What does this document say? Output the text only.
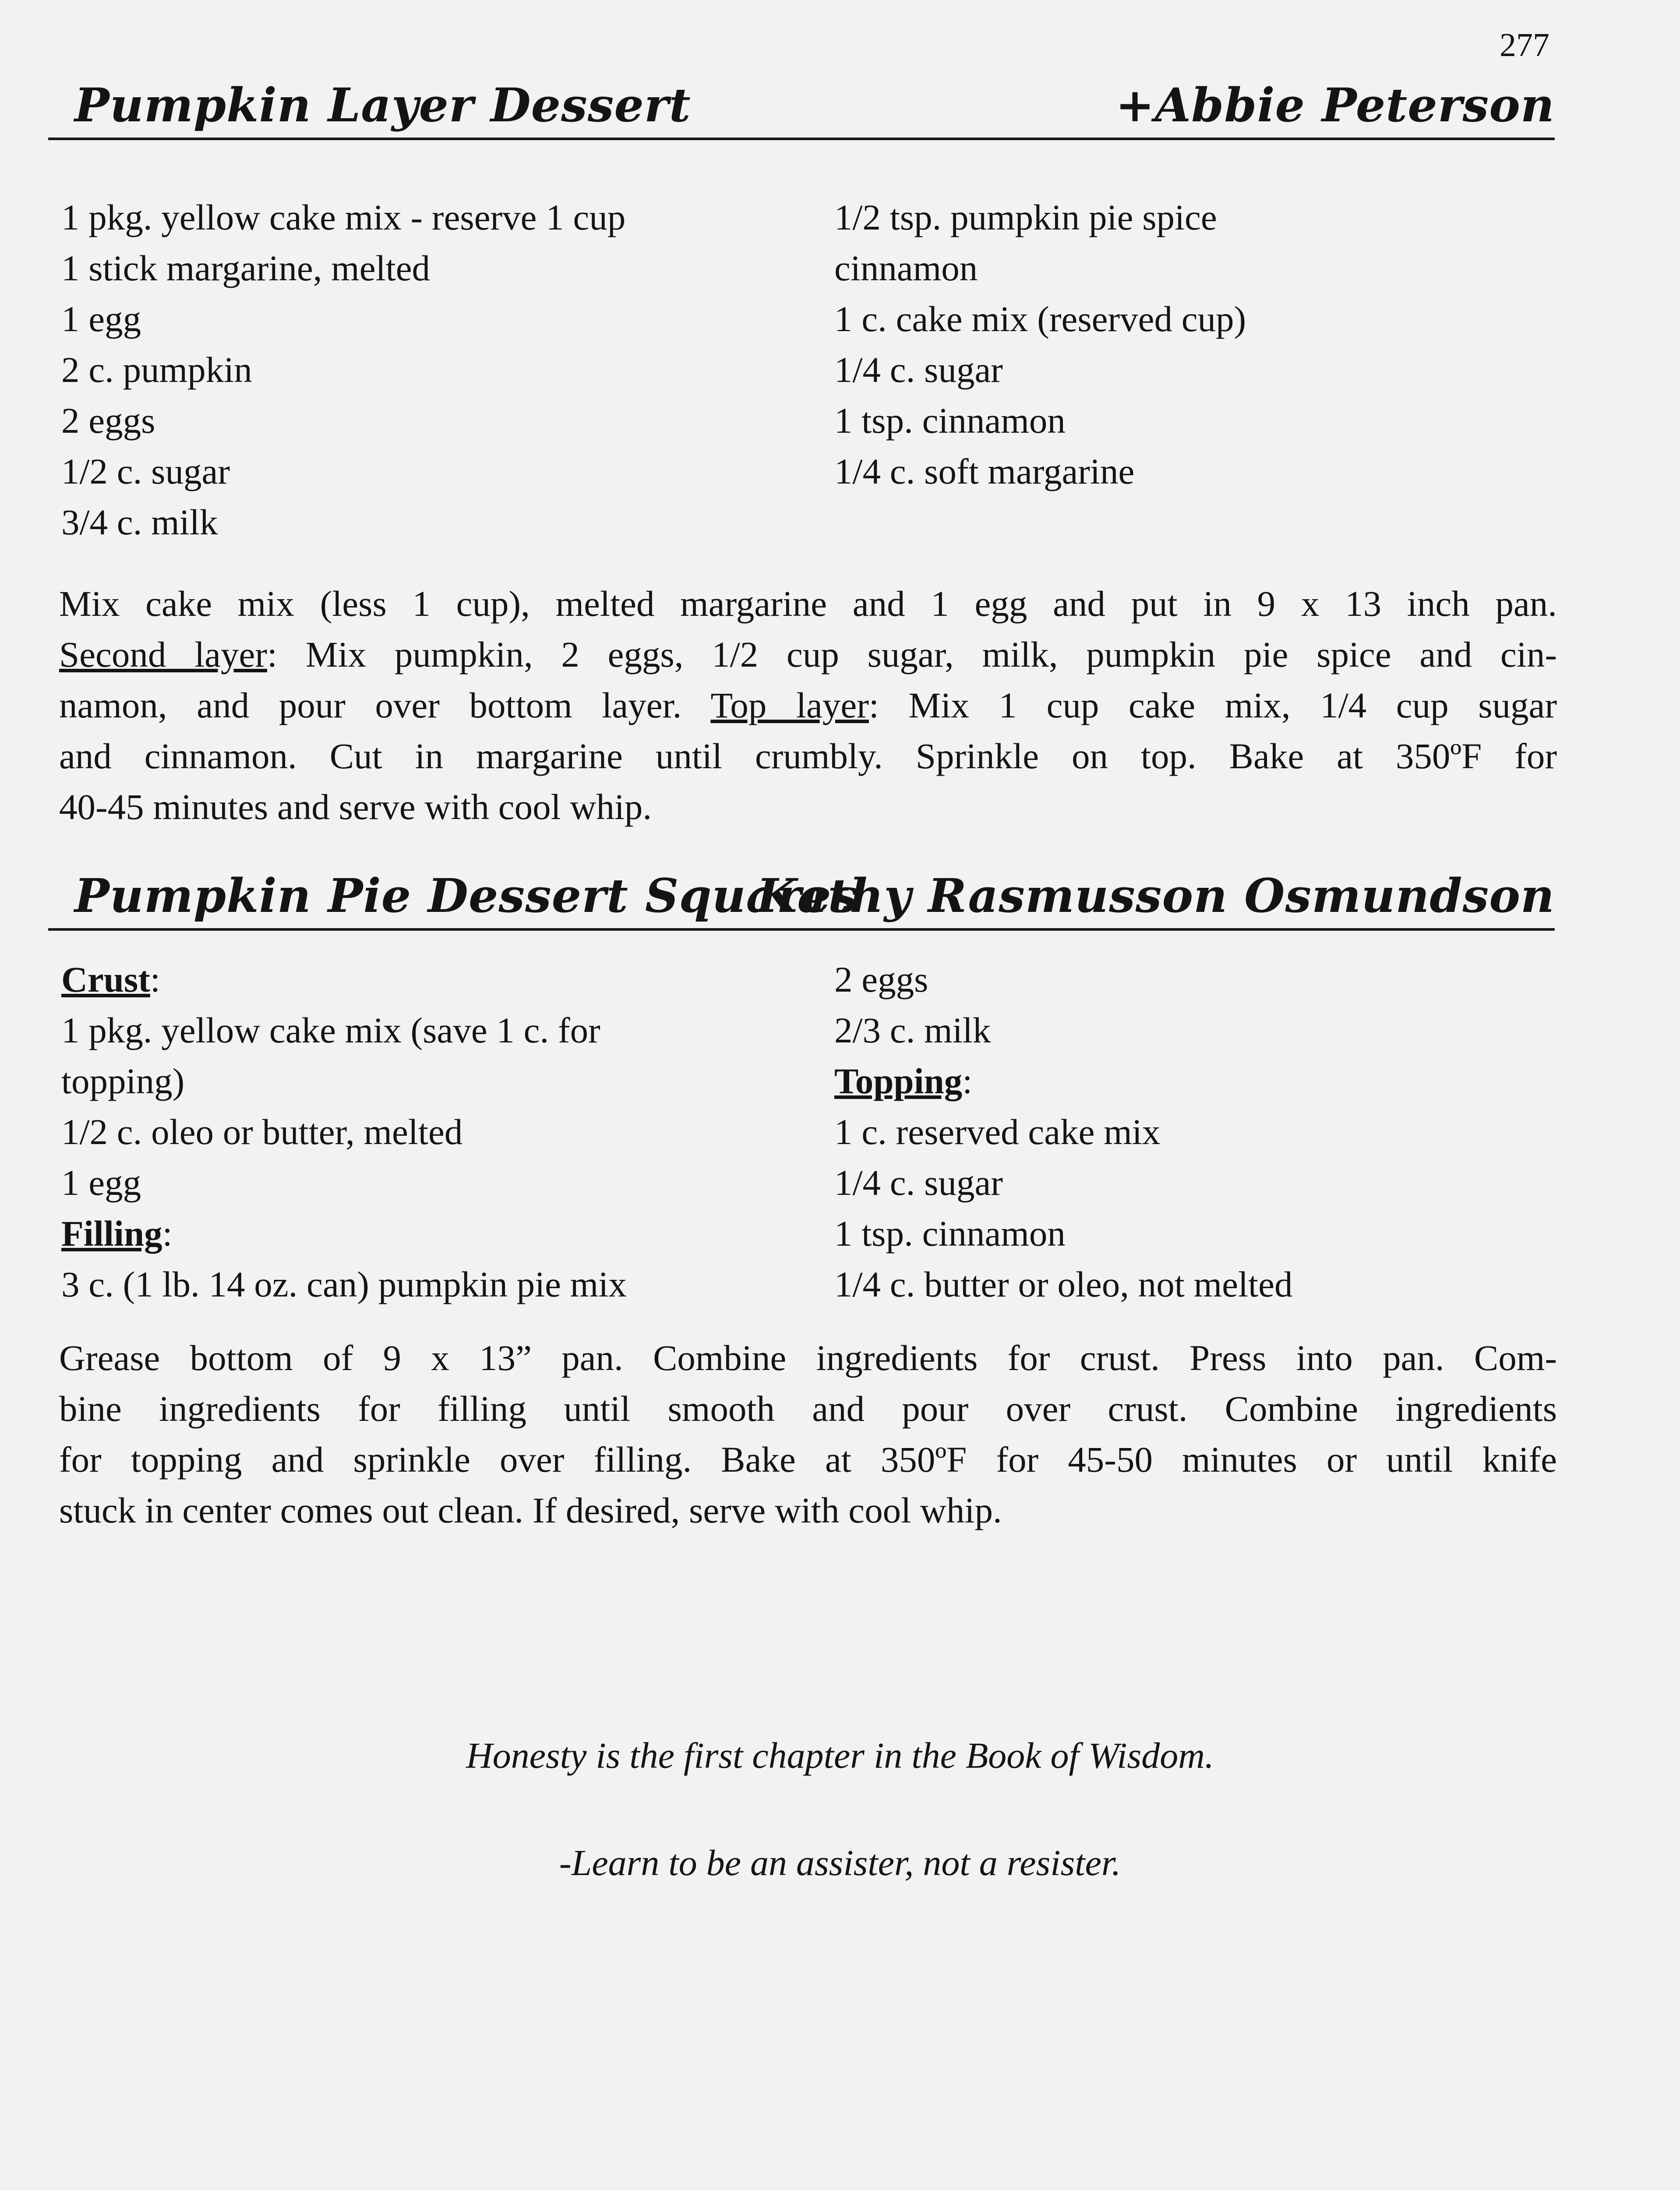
277
Pumpkin Layer Dessert	+Abbie Peterson
1 pkg. yellow cake mix - reserve 1 cup
1 stick margarine, melted
1 egg
2 c. pumpkin
2 eggs
1/2 c. sugar
3/4 c. milk
1/2 tsp. pumpkin pie spice
cinnamon
1 c. cake mix (reserved cup)
1/4 c. sugar
1 tsp. cinnamon
1/4 c. soft margarine
Mix cake mix (less 1 cup), melted margarine and 1 egg and put in 9 x 13 inch pan.
Second layer: Mix pumpkin, 2 eggs, 1/2 cup sugar, milk, pumpkin pie spice and cin-
namon, and pour over bottom layer. Top layer: Mix 1 cup cake mix, 1/4 cup sugar
and cinnamon. Cut in margarine until crumbly. Sprinkle on top. Bake at 350ºF for
40-45 minutes and serve with cool whip.
Pumpkin Pie Dessert Squares
Kathy Rasmusson Osmundson
Crust:
1 pkg. yellow cake mix (save 1 c. for
topping)
1/2 c. oleo or butter, melted
1 egg
Filling:
3 c. (1 lb. 14 oz. can) pumpkin pie mix
2 eggs
2/3 c. milk
Topping:
1 c. reserved cake mix
1/4 c. sugar
1 tsp. cinnamon
1/4 c. butter or oleo, not melted
Grease bottom of 9 x 13” pan. Combine ingredients for crust. Press into pan. Com-
bine ingredients for filling until smooth and pour over crust. Combine ingredients
for topping and sprinkle over filling. Bake at 350ºF for 45-50 minutes or until knife
stuck in center comes out clean. If desired, serve with cool whip.
Honesty is the first chapter in the Book of Wisdom.
-Learn to be an assister, not a resister.
